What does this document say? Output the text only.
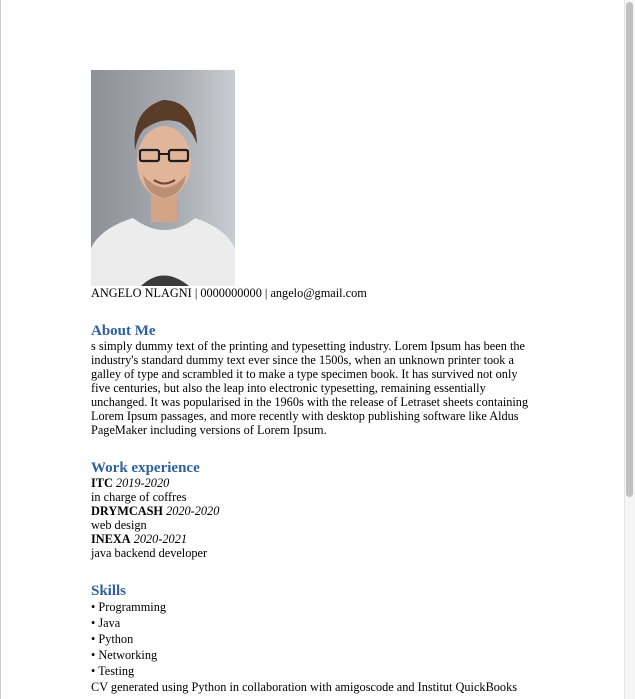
ANGELO NLAGNI | 0000000000 | angelo@gmail.com
About Me

s simply dummy text of the printing and typesetting industry. Lorem Ipsum has been the industry's standard dummy text ever since the 1500s, when an unknown printer took a galley of type and scrambled it to make a type specimen book. It has survived not only five centuries, but also the leap into electronic typesetting, remaining essentially unchanged. It was popularised in the 1960s with the release of Letraset sheets containing Lorem Ipsum passages, and more recently with desktop publishing software like Aldus PageMaker including versions of Lorem Ipsum.

Work experience
ITC 2019-2020
in charge of coffres
DRYMCASH 2020-2020
web design
INEXA 2020-2021
java backend developer
Skills
• Programming
• Java
• Python
• Networking
• Testing
CV generated using Python in collaboration with amigoscode and Institut QuickBooks
